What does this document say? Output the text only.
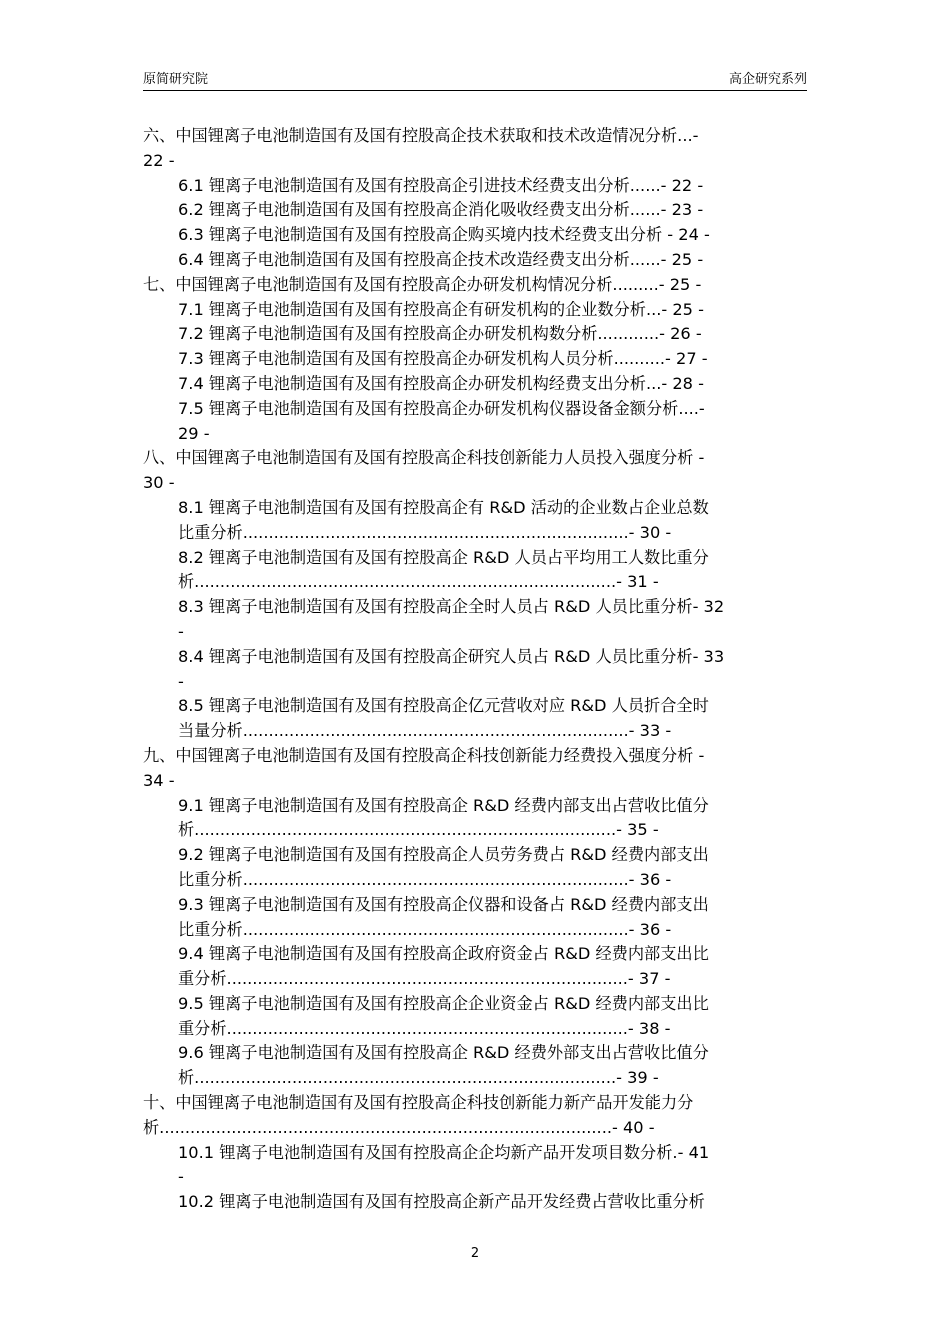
原简研究院	高企研究系列
六、中国锂离子电池制造国有及国有控股高企技术获取和技术改造情况分析...-
22 -
6.1 锂离子电池制造国有及国有控股高企引进技术经费支出分析......- 22 -
6.2 锂离子电池制造国有及国有控股高企消化吸收经费支出分析......- 23 -
6.3 锂离子电池制造国有及国有控股高企购买境内技术经费支出分析 - 24 -
6.4 锂离子电池制造国有及国有控股高企技术改造经费支出分析......- 25 -
七、中国锂离子电池制造国有及国有控股高企办研发机构情况分析.........- 25 -
7.1 锂离子电池制造国有及国有控股高企有研发机构的企业数分析...- 25 -
7.2 锂离子电池制造国有及国有控股高企办研发机构数分析............- 26 -
7.3 锂离子电池制造国有及国有控股高企办研发机构人员分析..........- 27 -
7.4 锂离子电池制造国有及国有控股高企办研发机构经费支出分析...- 28 -
7.5 锂离子电池制造国有及国有控股高企办研发机构仪器设备金额分析....-
29 -
八、中国锂离子电池制造国有及国有控股高企科技创新能力人员投入强度分析 -
30 -
8.1 锂离子电池制造国有及国有控股高企有 R&D 活动的企业数占企业总数
比重分析...........................................................................- 30 -
8.2 锂离子电池制造国有及国有控股高企 R&D 人员占平均用工人数比重分
析..................................................................................- 31 -
8.3 锂离子电池制造国有及国有控股高企全时人员占 R&D 人员比重分析- 32
-
8.4 锂离子电池制造国有及国有控股高企研究人员占 R&D 人员比重分析- 33
-
8.5 锂离子电池制造国有及国有控股高企亿元营收对应 R&D 人员折合全时
当量分析...........................................................................- 33 -
九、中国锂离子电池制造国有及国有控股高企科技创新能力经费投入强度分析 -
34 -
9.1 锂离子电池制造国有及国有控股高企 R&D 经费内部支出占营收比值分
析..................................................................................- 35 -
9.2 锂离子电池制造国有及国有控股高企人员劳务费占 R&D 经费内部支出
比重分析...........................................................................- 36 -
9.3 锂离子电池制造国有及国有控股高企仪器和设备占 R&D 经费内部支出
比重分析...........................................................................- 36 -
9.4 锂离子电池制造国有及国有控股高企政府资金占 R&D 经费内部支出比
重分析..............................................................................- 37 -
9.5 锂离子电池制造国有及国有控股高企企业资金占 R&D 经费内部支出比
重分析..............................................................................- 38 -
9.6 锂离子电池制造国有及国有控股高企 R&D 经费外部支出占营收比值分
析..................................................................................- 39 -
十、中国锂离子电池制造国有及国有控股高企科技创新能力新产品开发能力分
析........................................................................................- 40 -
10.1 锂离子电池制造国有及国有控股高企企均新产品开发项目数分析.- 41
-
10.2 锂离子电池制造国有及国有控股高企新产品开发经费占营收比重分析
2
